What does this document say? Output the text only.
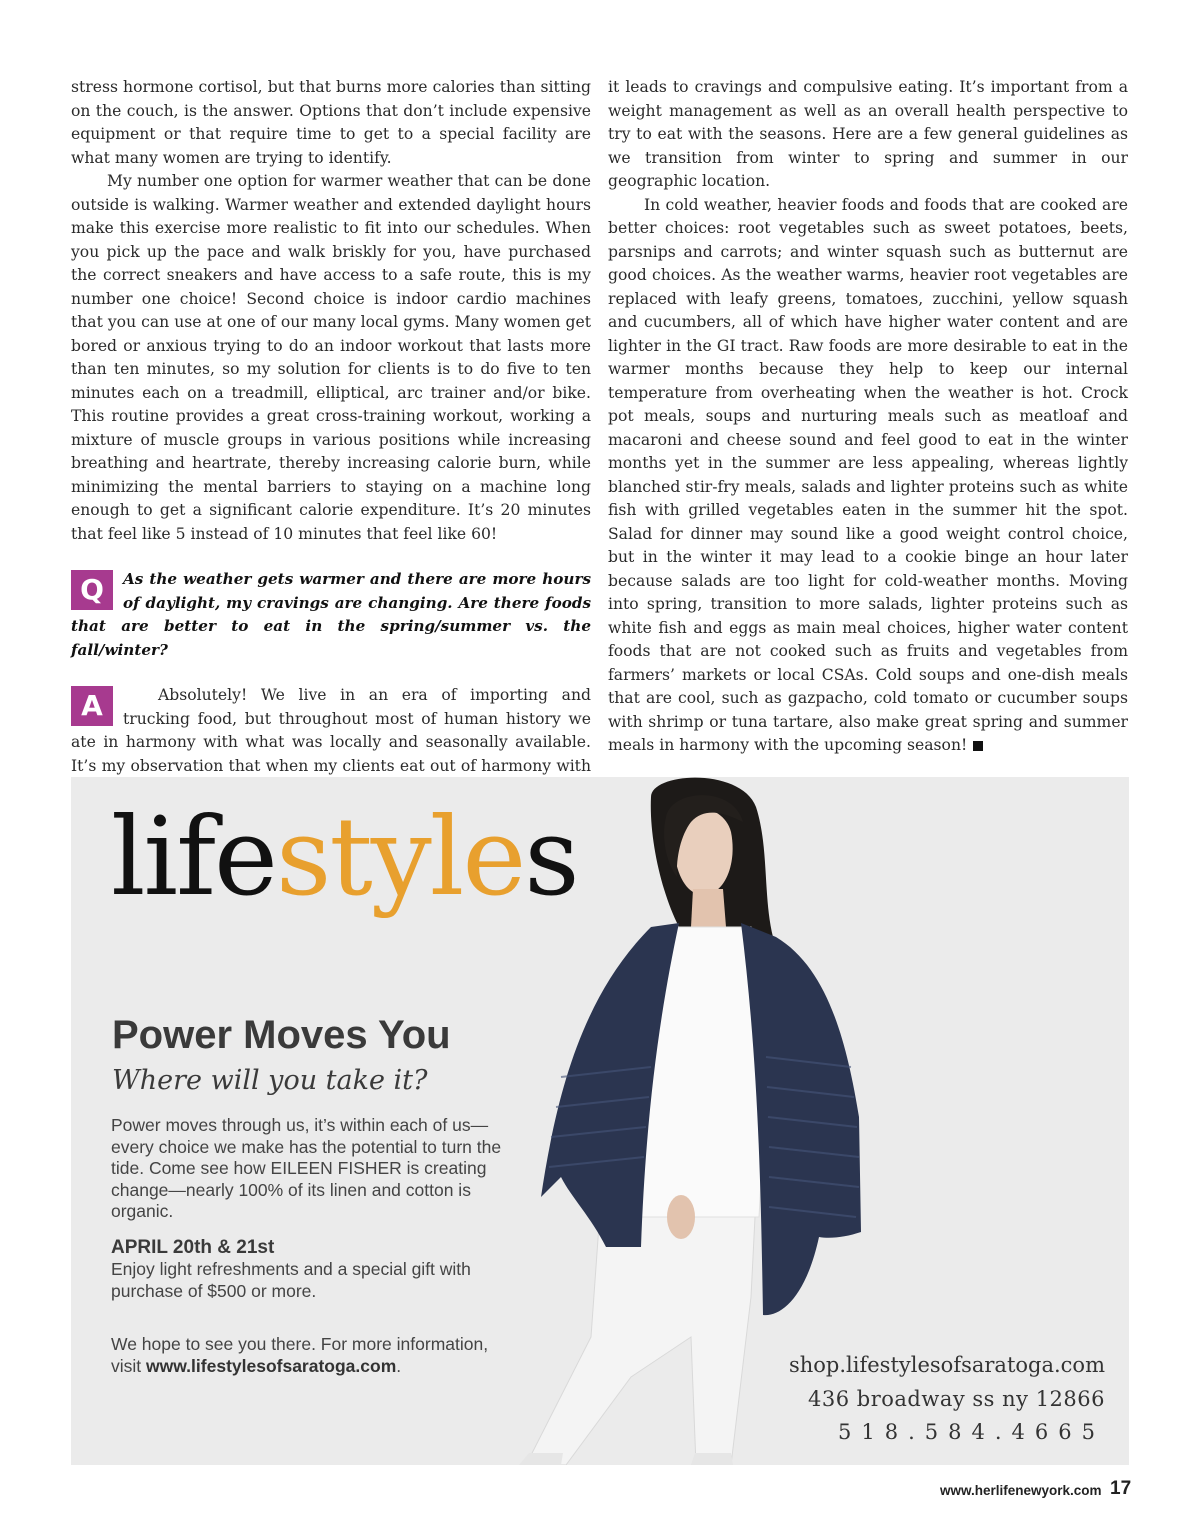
stress hormone cortisol, but that burns more calories than sitting on the couch, is the answer. Options that don’t include expensive equipment or that require time to get to a special facility are what many women are trying to identify.

My number one option for warmer weather that can be done outside is walking. Warmer weather and extended daylight hours make this exercise more realistic to fit into our schedules. When you pick up the pace and walk briskly for you, have purchased the correct sneakers and have access to a safe route, this is my number one choice! Second choice is indoor cardio machines that you can use at one of our many local gyms. Many women get bored or anxious trying to do an indoor workout that lasts more than ten minutes, so my solution for clients is to do five to ten minutes each on a treadmill, elliptical, arc trainer and/or bike. This routine provides a great cross-training workout, working a mixture of muscle groups in various positions while increasing breathing and heartrate, thereby increasing calorie burn, while minimizing the mental barriers to staying on a machine long enough to get a significant calorie expenditure. It’s 20 minutes that feel like 5 instead of 10 minutes that feel like 60!

Q	As the weather gets warmer and there are more hours of daylight, my cravings are changing. Are there foods that are better to eat in the spring/summer vs. the fall/winter?

A	Absolutely! We live in an era of importing and trucking food, but throughout most of human history we ate in harmony with what was locally and seasonally available. It’s my observation that when my clients eat out of harmony with

it leads to cravings and compulsive eating. It’s important from a weight management as well as an overall health perspective to try to eat with the seasons. Here are a few general guidelines as we transition from winter to spring and summer in our geographic location.

In cold weather, heavier foods and foods that are cooked are better choices: root vegetables such as sweet potatoes, beets, parsnips and carrots; and winter squash such as butternut are good choices. As the weather warms, heavier root vegetables are replaced with leafy greens, tomatoes, zucchini, yellow squash and cucumbers, all of which have higher water content and are lighter in the GI tract. Raw foods are more desirable to eat in the warmer months because they help to keep our internal temperature from overheating when the weather is hot. Crock pot meals, soups and nurturing meals such as meatloaf and macaroni and cheese sound and feel good to eat in the winter months yet in the summer are less appealing, whereas lightly blanched stir-fry meals, salads and lighter proteins such as white fish with grilled vegetables eaten in the summer hit the spot. Salad for dinner may sound like a good weight control choice, but in the winter it may lead to a cookie binge an hour later because salads are too light for cold-weather months. Moving into spring, transition to more salads, lighter proteins such as white fish and eggs as main meal choices, higher water content foods that are not cooked such as fruits and vegetables from farmers’ markets or local CSAs. Cold soups and one-dish meals that are cool, such as gazpacho, cold tomato or cucumber soups with shrimp or tuna tartare, also make great spring and summer meals in harmony with the upcoming season!

lifestyles
Power Moves You
Where will you take it?
Power moves through us, it’s within each of us—every choice we make has the potential to turn the tide. Come see how EILEEN FISHER is creating change—nearly 100% of its linen and cotton is organic.
APRIL 20th & 21st
Enjoy light refreshments and a special gift with purchase of $500 or more.
We hope to see you there. For more information, visit www.lifestylesofsaratoga.com.	shop.lifestylesofsaratoga.com
436 broadway ss ny 12866
518.584.4665
www.herlifenewyork.com 17
